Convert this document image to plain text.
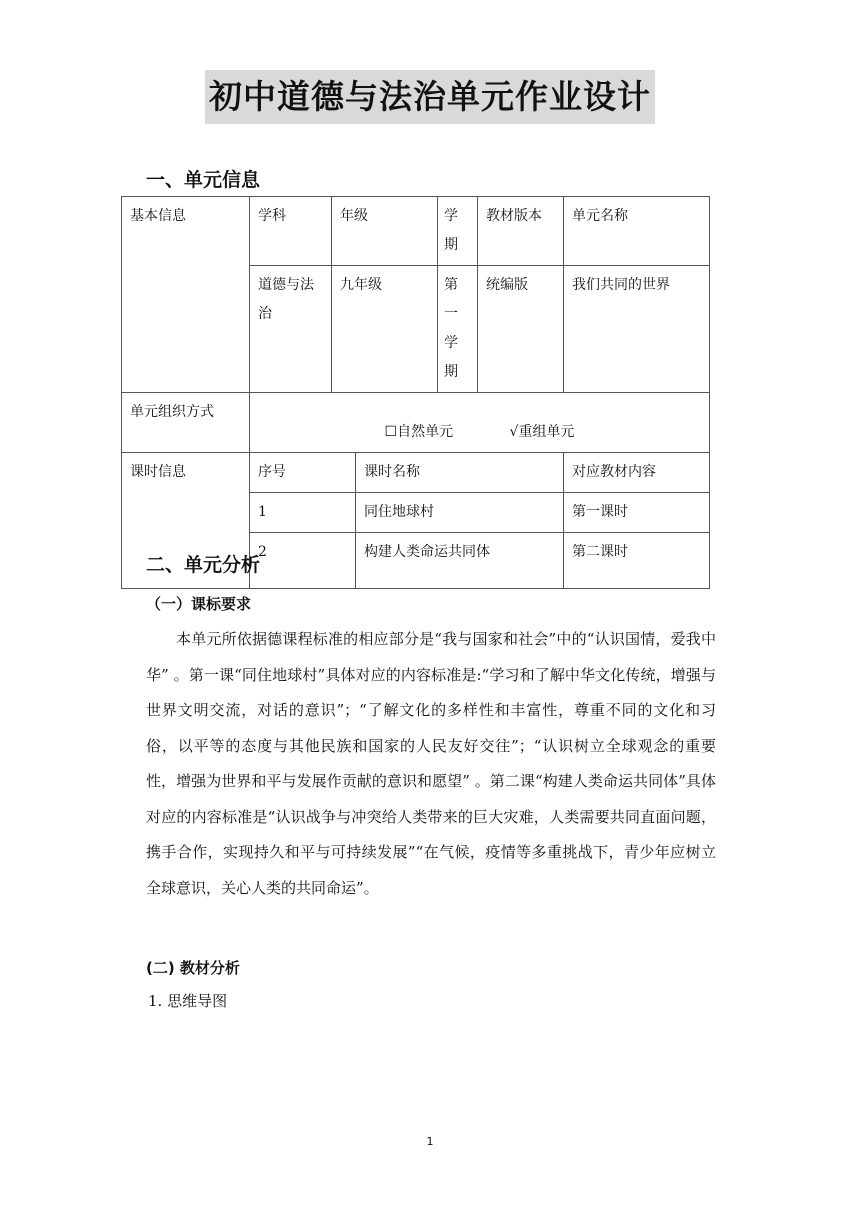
初中道德与法治单元作业设计
一、单元信息
基本信息	学科	年级		学期	教材版本	单元名称
	道德与法治	九年级		第一学期	统编版	我们共同的世界
单元组织方式	☐自然单元 √重组单元					

课时信息	序号		课时名称			对应教材内容
	1		同住地球村			第一课时
	2		构建人类命运共同体			第二课时
二、单元分析
（一）课标要求

本单元所依据德课程标准的相应部分是“我与国家和社会”中的“认识国情，爱我中华” 。第一课“同住地球村”具体对应的内容标准是:“学习和了解中华文化传统，增强与世界文明交流，对话的意识”；“了解文化的多样性和丰富性，尊重不同的文化和习俗，以平等的态度与其他民族和国家的人民友好交往”；“认识树立全球观念的重要性，增强为世界和平与发展作贡献的意识和愿望” 。第二课“构建人类命运共同体”具体对应的内容标准是“认识战争与冲突给人类带来的巨大灾难，人类需要共同直面问题，携手合作，实现持久和平与可持续发展”“在气候，疫情等多重挑战下，青少年应树立全球意识，关心人类的共同命运”。

(二) 教材分析
1. 思维导图
1
